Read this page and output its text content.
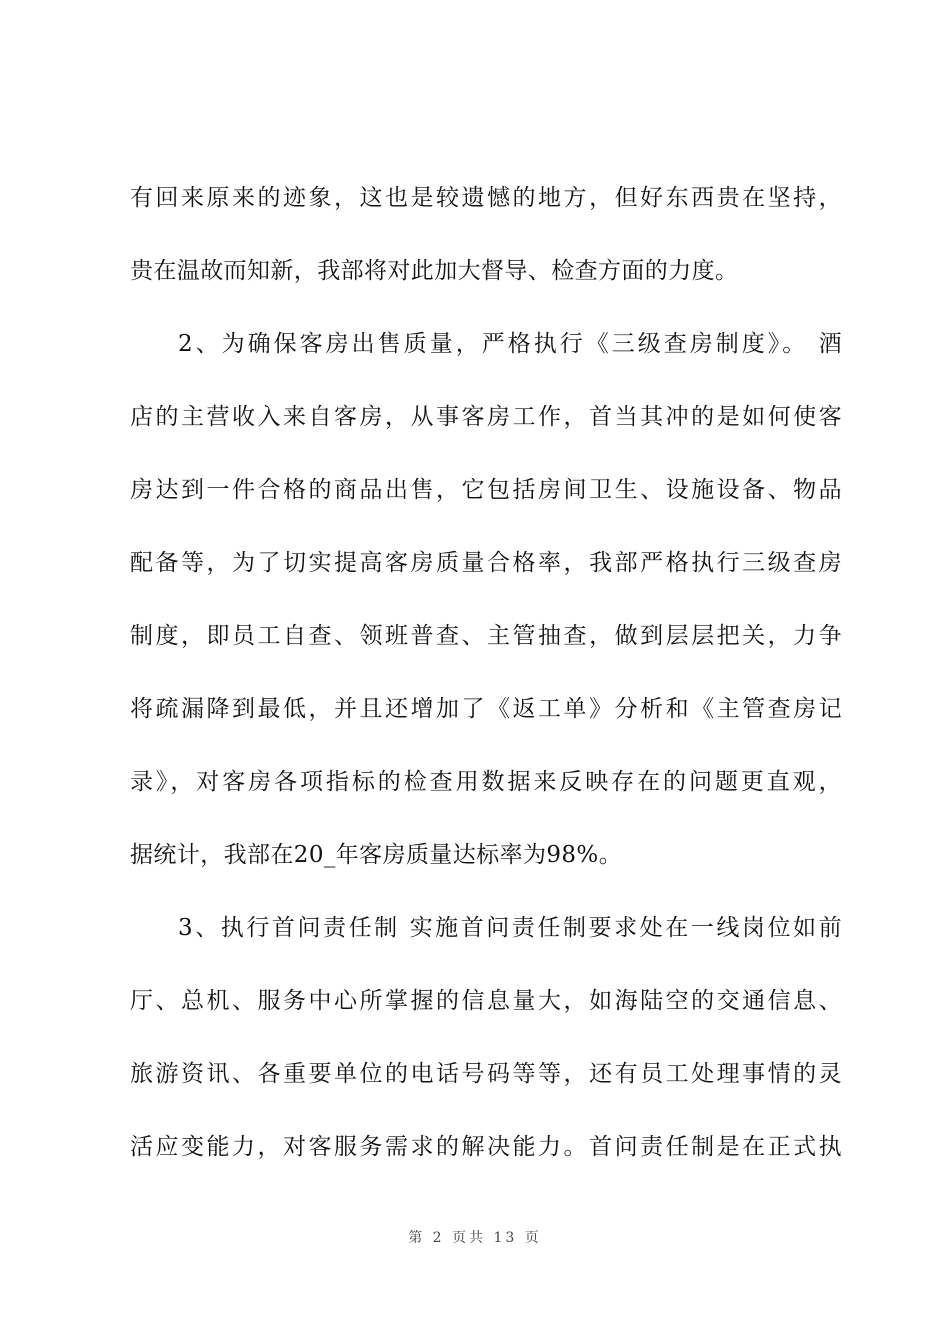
有回来原来的迹象，这也是较遗憾的地方，但好东西贵在坚持，
贵在温故而知新，我部将对此加大督导、检查方面的力度。
2、为确保客房出售质量，严格执行《三级查房制度》。 酒
店的主营收入来自客房，从事客房工作，首当其冲的是如何使客
房达到一件合格的商品出售，它包括房间卫生、设施设备、物品
配备等，为了切实提高客房质量合格率，我部严格执行三级查房
制度，即员工自查、领班普查、主管抽查，做到层层把关，力争
将疏漏降到最低，并且还增加了《返工单》分析和《主管查房记
录》，对客房各项指标的检查用数据来反映存在的问题更直观，
据统计，我部在20_年客房质量达标率为98%。
3、执行首问责任制 实施首问责任制要求处在一线岗位如前
厅、总机、服务中心所掌握的信息量大，如海陆空的交通信息、
旅游资讯、各重要单位的电话号码等等，还有员工处理事情的灵
活应变能力，对客服务需求的解决能力。首问责任制是在正式执
第 2 页共 13 页
